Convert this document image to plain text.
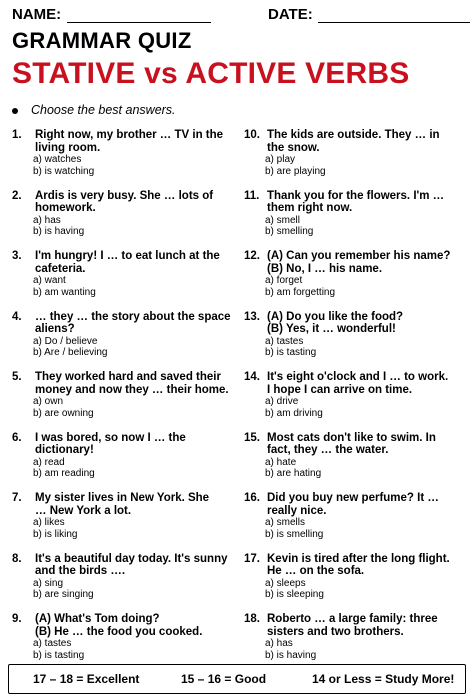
NAME:	DATE:
GRAMMAR QUIZ
STATIVE vs ACTIVE VERBS
Choose the best answers.
1.	Right now, my brother … TV in the
living room.
a) watches
b) is watching
2.	Ardis is very busy. She … lots of
homework.
a) has
b) is having
3.	I'm hungry! I … to eat lunch at the
cafeteria.
a) want
b) am wanting
4.	… they … the story about the space
aliens?
a) Do / believe
b) Are / believing
5.	They worked hard and saved their
money and now they … their home.
a) own
b) are owning
6.	I was bored, so now I … the
dictionary!
a) read
b) am reading
7.	My sister lives in New York. She
… New York a lot.
a) likes
b) is liking
8.	It's a beautiful day today. It's sunny
and the birds ….
a) sing
b) are singing
9.	(A) What's Tom doing?
(B) He … the food you cooked.
a) tastes
b) is tasting
10. The kids are outside. They … in
the snow.
a) play
b) are playing
11. Thank you for the flowers. I'm …
them right now.
a) smell
b) smelling
12. (A) Can you remember his name?
(B) No, I … his name.
a) forget
b) am forgetting
13. (A) Do you like the food?
(B) Yes, it … wonderful!
a) tastes
b) is tasting
14. It's eight o'clock and I … to work.
I hope I can arrive on time.
a) drive
b) am driving
15. Most cats don't like to swim. In
fact, they … the water.
a) hate
b) are hating
16. Did you buy new perfume? It …
really nice.
a) smells
b) is smelling
17. Kevin is tired after the long flight.
He … on the sofa.
a) sleeps
b) is sleeping
18. Roberto … a large family: three
sisters and two brothers.
a) has
b) is having
17 – 18 = Excellent	15 – 16 = Good	14 or Less = Study More!
